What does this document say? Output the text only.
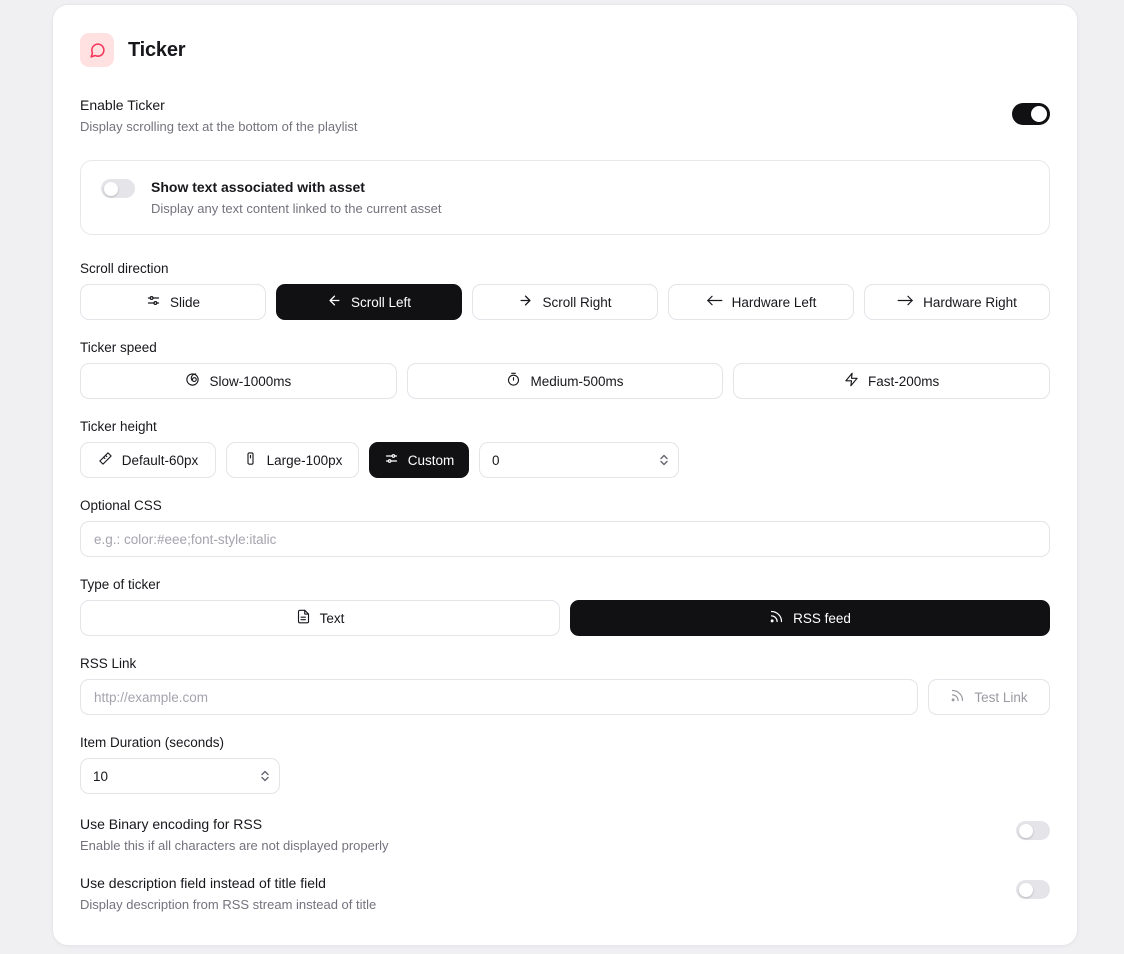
Ticker
Enable Ticker
Display scrolling text at the bottom of the playlist
Show text associated with asset
Display any text content linked to the current asset
Scroll direction
Slide	Scroll Left	Scroll Right	Hardware Left	Hardware Right
Ticker speed
Slow-1000ms	Medium-500ms	Fast-200ms
Ticker height
Default-60px	Large-100px	Custom
0
Optional CSS
e.g.: color:#eee;font-style:italic
Type of ticker
Text	RSS feed
RSS Link
http://example.com
Test Link
Item Duration (seconds)
10
Use Binary encoding for RSS
Enable this if all characters are not displayed properly
Use description field instead of title field
Display description from RSS stream instead of title
